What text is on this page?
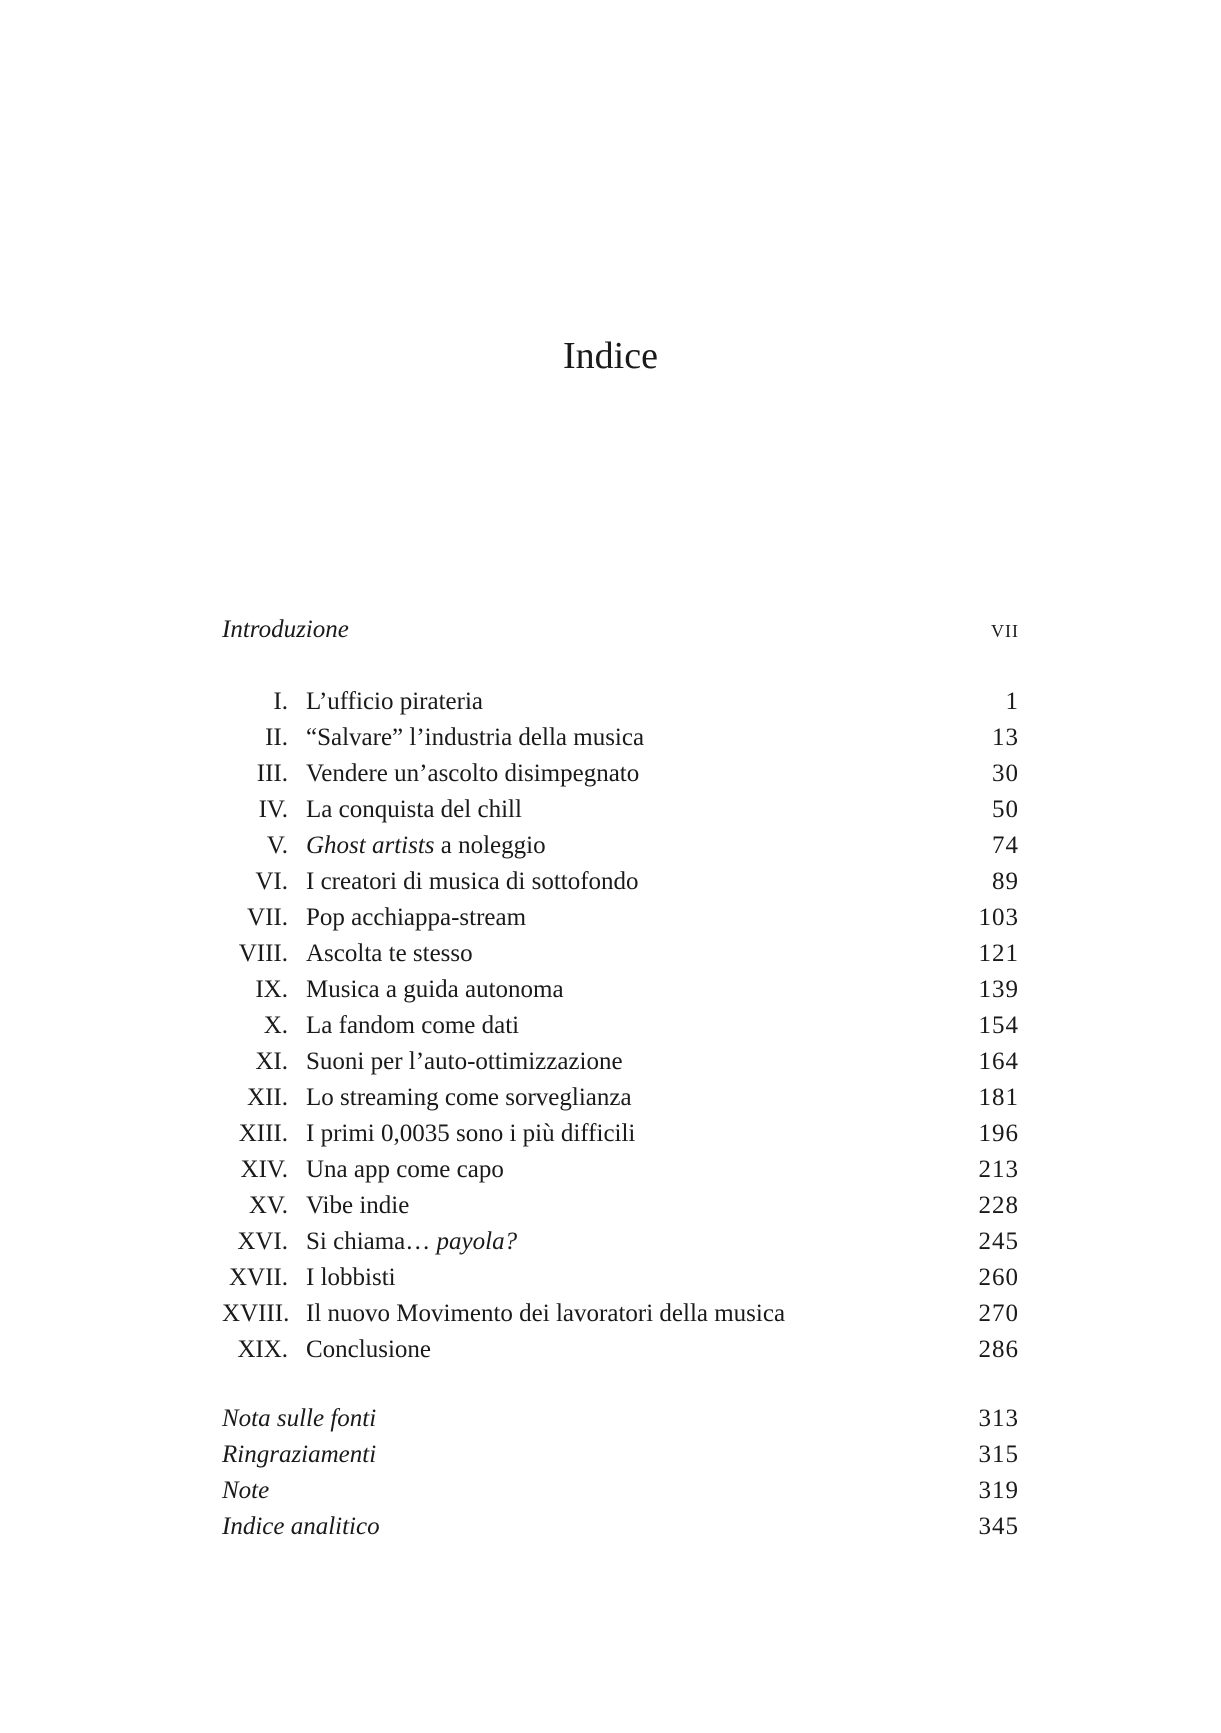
Indice
Introduzione	vii
I. L’ufficio pirateria	1
II. “Salvare” l’industria della musica	13
III. Vendere un’ascolto disimpegnato	30
IV. La conquista del chill	50
V. Ghost artists a noleggio	74
VI. I creatori di musica di sottofondo	89
VII. Pop acchiappa-stream	103
VIII. Ascolta te stesso	121
IX. Musica a guida autonoma	139
X. La fandom come dati	154
XI. Suoni per l’auto-ottimizzazione	164
XII. Lo streaming come sorveglianza	181
XIII. I primi 0,0035 sono i più difficili	196
XIV. Una app come capo	213
XV. Vibe indie	228
XVI. Si chiama… payola?	245
XVII. I lobbisti	260
XVIII. Il nuovo Movimento dei lavoratori della musica	270
XIX. Conclusione	286
Nota sulle fonti	313
Ringraziamenti	315
Note	319
Indice analitico	345
